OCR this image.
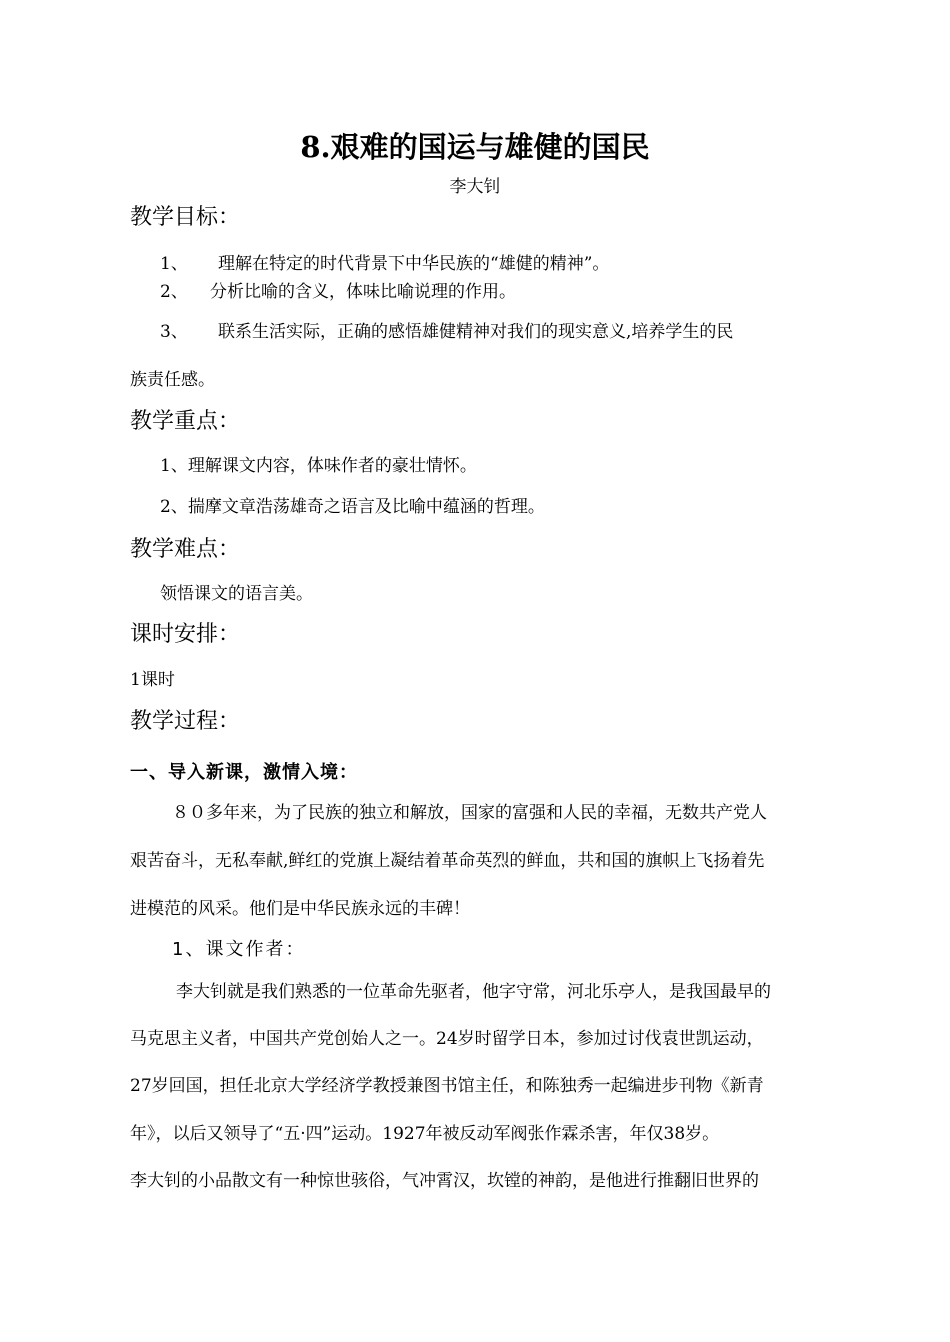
8.艰难的国运与雄健的国民
李大钊
教学目标：
1、 理解在特定的时代背景下中华民族的“雄健的精神”。
2、 分析比喻的含义，体味比喻说理的作用。
3、 联系生活实际，正确的感悟雄健精神对我们的现实意义,培养学生的民
族责任感。
教学重点：
1、理解课文内容，体味作者的豪壮情怀。
2、揣摩文章浩荡雄奇之语言及比喻中蕴涵的哲理。
教学难点：
领悟课文的语言美。
课时安排：
1课时
教学过程：
一、导入新课，激情入境：
８０多年来，为了民族的独立和解放，国家的富强和人民的幸福，无数共产党人
艰苦奋斗，无私奉献,鲜红的党旗上凝结着革命英烈的鲜血，共和国的旗帜上飞扬着先
进模范的风采。他们是中华民族永远的丰碑！
1、课文作者：
李大钊就是我们熟悉的一位革命先驱者，他字守常，河北乐亭人，是我国最早的
马克思主义者，中国共产党创始人之一。24岁时留学日本，参加过讨伐袁世凯运动，
27岁回国，担任北京大学经济学教授兼图书馆主任，和陈独秀一起编进步刊物《新青
年》，以后又领导了“五·四”运动。1927年被反动军阀张作霖杀害，年仅38岁。
李大钊的小品散文有一种惊世骇俗，气冲霄汉，坎镗的神韵，是他进行推翻旧世界的
